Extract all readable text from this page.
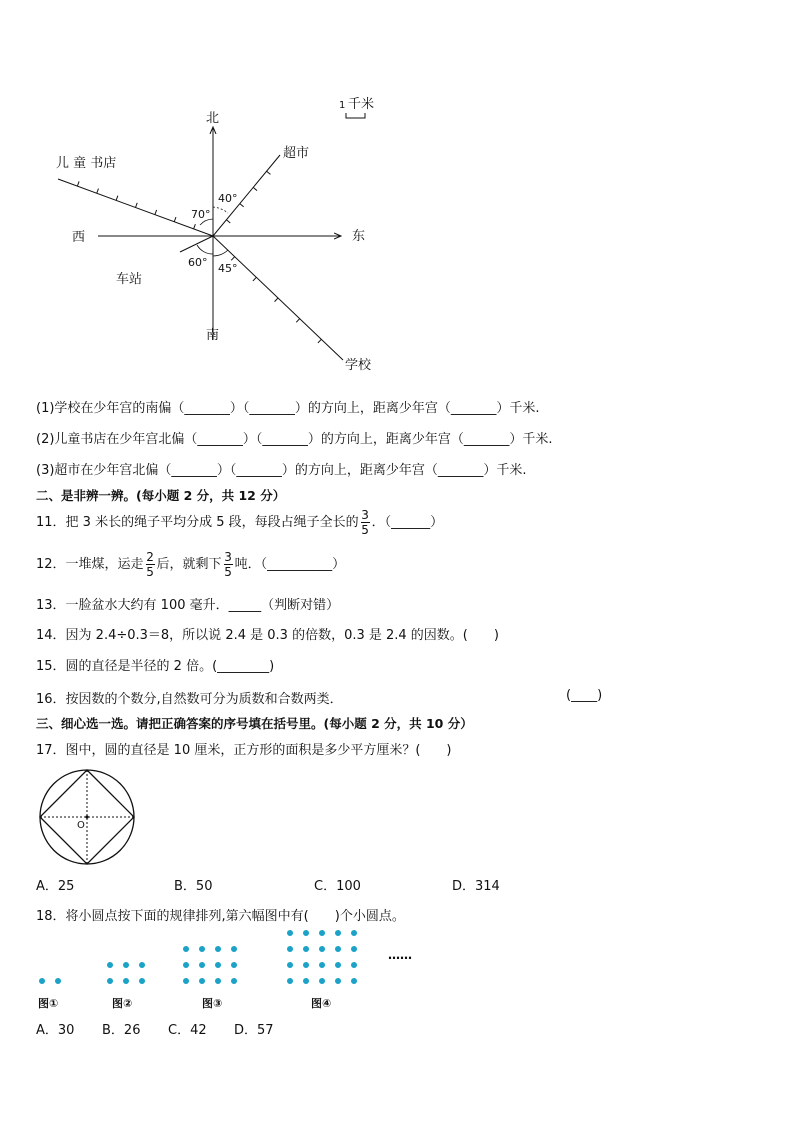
北
南
东
西
1 千米
儿 童 书店
超市
车站
学校
70°
40°
60° 45°
(1)学校在少年宫的南偏（_______）（_______）的方向上，距离少年宫（_______）千米.
(2)儿童书店在少年宫北偏（_______）（_______）的方向上，距离少年宫（_______）千米.
(3)超市在少年宫北偏（_______）（_______）的方向上，距离少年宫（_______）千米.
二、是非辨一辨。(每小题 2 分，共 12 分）
11．把 3 米长的绳子平均分成 5 段，每段占绳子全长的 $\frac{3}{5}$ ．（______）
12．一堆煤，运走 $\frac{2}{5}$ 后，就剩下 $\frac{3}{5}$ 吨．（__________）
13．一脸盆水大约有 100 毫升．_____（判断对错）
14．因为 2.4÷0.3＝8，所以说 2.4 是 0.3 的倍数，0.3 是 2.4 的因数。(　　)
15．圆的直径是半径的 2 倍。(________)
16．按因数的个数分,自然数可分为质数和合数两类．	(____)
三、细心选一选。请把正确答案的序号填在括号里。(每小题 2 分，共 10 分）
17．图中，圆的直径是 10 厘米，正方形的面积是多少平方厘米？(　　)
O
A．25	B．50	C．100	D．314
18．将小圆点按下面的规律排列,第六幅图中有(　　)个小圆点。
……
图①	图②	图③	图④
A．30 B．26 C．42 D．57
